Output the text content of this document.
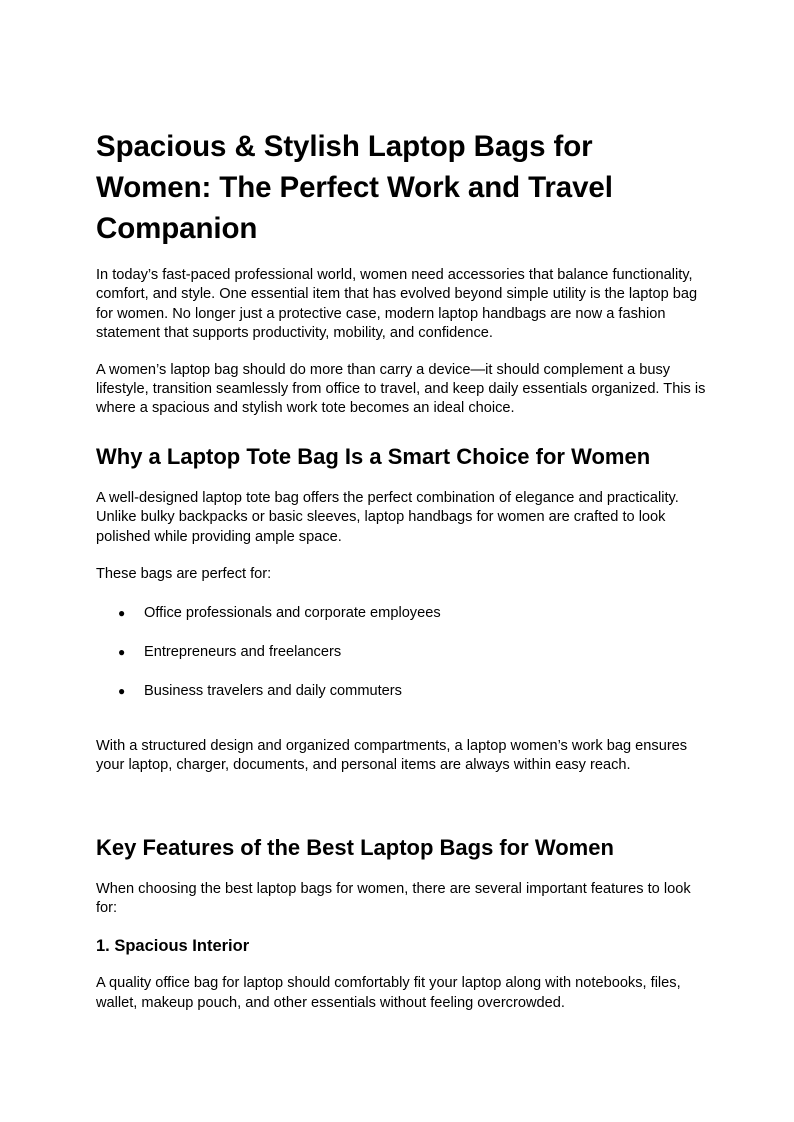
Spacious & Stylish Laptop Bags for Women: The Perfect Work and Travel Companion

In today’s fast-paced professional world, women need accessories that balance functionality, comfort, and style. One essential item that has evolved beyond simple utility is the laptop bag for women. No longer just a protective case, modern laptop handbags are now a fashion statement that supports productivity, mobility, and confidence.

A women’s laptop bag should do more than carry a device—it should complement a busy lifestyle, transition seamlessly from office to travel, and keep daily essentials organized. This is where a spacious and stylish work tote becomes an ideal choice.

Why a Laptop Tote Bag Is a Smart Choice for Women

A well-designed laptop tote bag offers the perfect combination of elegance and practicality. Unlike bulky backpacks or basic sleeves, laptop handbags for women are crafted to look polished while providing ample space.

These bags are perfect for:

● Office professionals and corporate employees
● Entrepreneurs and freelancers
● Business travelers and daily commuters

With a structured design and organized compartments, a laptop women’s work bag ensures your laptop, charger, documents, and personal items are always within easy reach.

Key Features of the Best Laptop Bags for Women

When choosing the best laptop bags for women, there are several important features to look for:

1. Spacious Interior

A quality office bag for laptop should comfortably fit your laptop along with notebooks, files, wallet, makeup pouch, and other essentials without feeling overcrowded.
